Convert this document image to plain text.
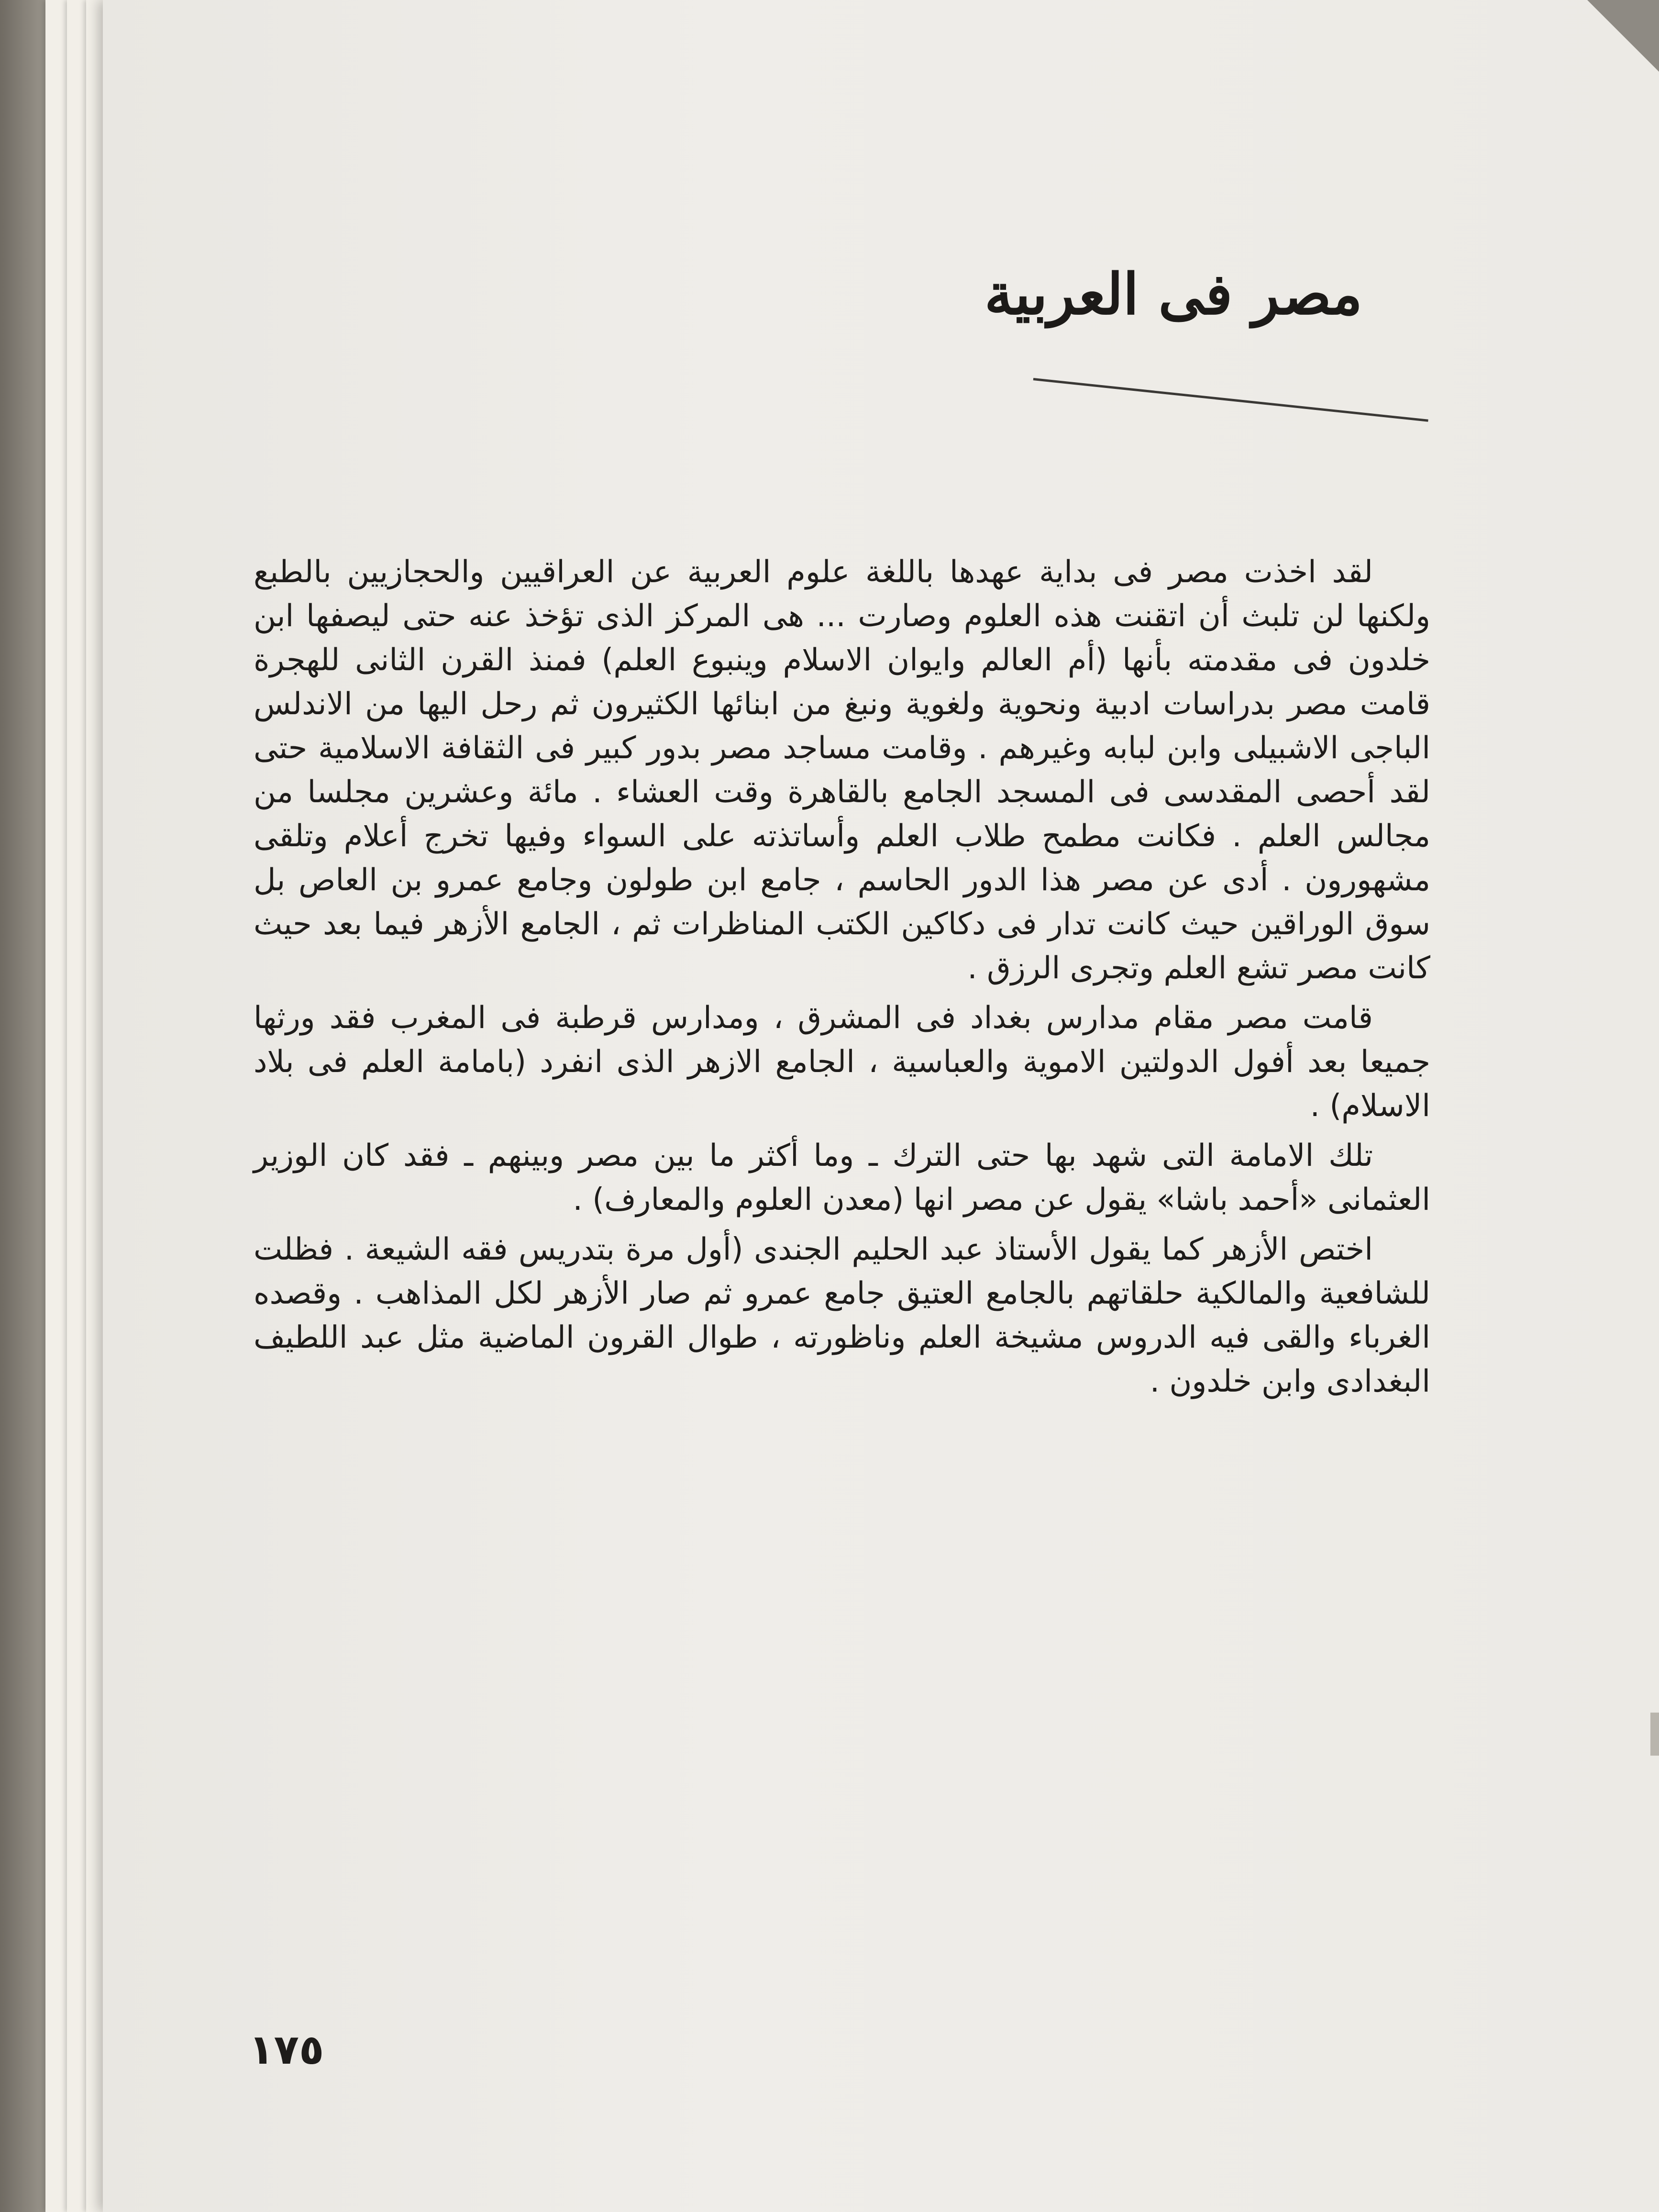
مصر فى العربية

لقد اخذت مصر فى بداية عهدها باللغة علوم العربية عن العراقيين والحجازيين بالطبع ولكنها لن تلبث أن اتقنت هذه العلوم وصارت ... هى المركز الذى تؤخذ عنه حتى ليصفها ابن خلدون فى مقدمته بأنها (أم العالم وايوان الاسلام وينبوع العلم) فمنذ القرن الثانى للهجرة قامت مصر بدراسات ادبية ونحوية ولغوية ونبغ من ابنائها الكثيرون ثم رحل اليها من الاندلس الباجى الاشبيلى وابن لبابه وغيرهم . وقامت مساجد مصر بدور كبير فى الثقافة الاسلامية حتى لقد أحصى المقدسى فى المسجد الجامع بالقاهرة وقت العشاء . مائة وعشرين مجلسا من مجالس العلم . فكانت مطمح طلاب العلم وأساتذته على السواء وفيها تخرج أعلام وتلقى مشهورون . أدى عن مصر هذا الدور الحاسم ، جامع ابن طولون وجامع عمرو بن العاص بل سوق الوراقين حيث كانت تدار فى دكاكين الكتب المناظرات ثم ، الجامع الأزهر فيما بعد حيث كانت مصر تشع العلم وتجرى الرزق .

قامت مصر مقام مدارس بغداد فى المشرق ، ومدارس قرطبة فى المغرب فقد ورثها جميعا بعد أفول الدولتين الاموية والعباسية ، الجامع الازهر الذى انفرد (بامامة العلم فى بلاد الاسلام) .

تلك الامامة التى شهد بها حتى الترك ـ وما أكثر ما بين مصر وبينهم ـ فقد كان الوزير العثمانى «أحمد باشا» يقول عن مصر انها (معدن العلوم والمعارف) .

اختص الأزهر كما يقول الأستاذ عبد الحليم الجندى (أول مرة بتدريس فقه الشيعة . فظلت للشافعية والمالكية حلقاتهم بالجامع العتيق جامع عمرو ثم صار الأزهر لكل المذاهب . وقصده الغرباء والقى فيه الدروس مشيخة العلم وناظورته ، طوال القرون الماضية مثل عبد اللطيف البغدادى وابن خلدون .

١٧٥
